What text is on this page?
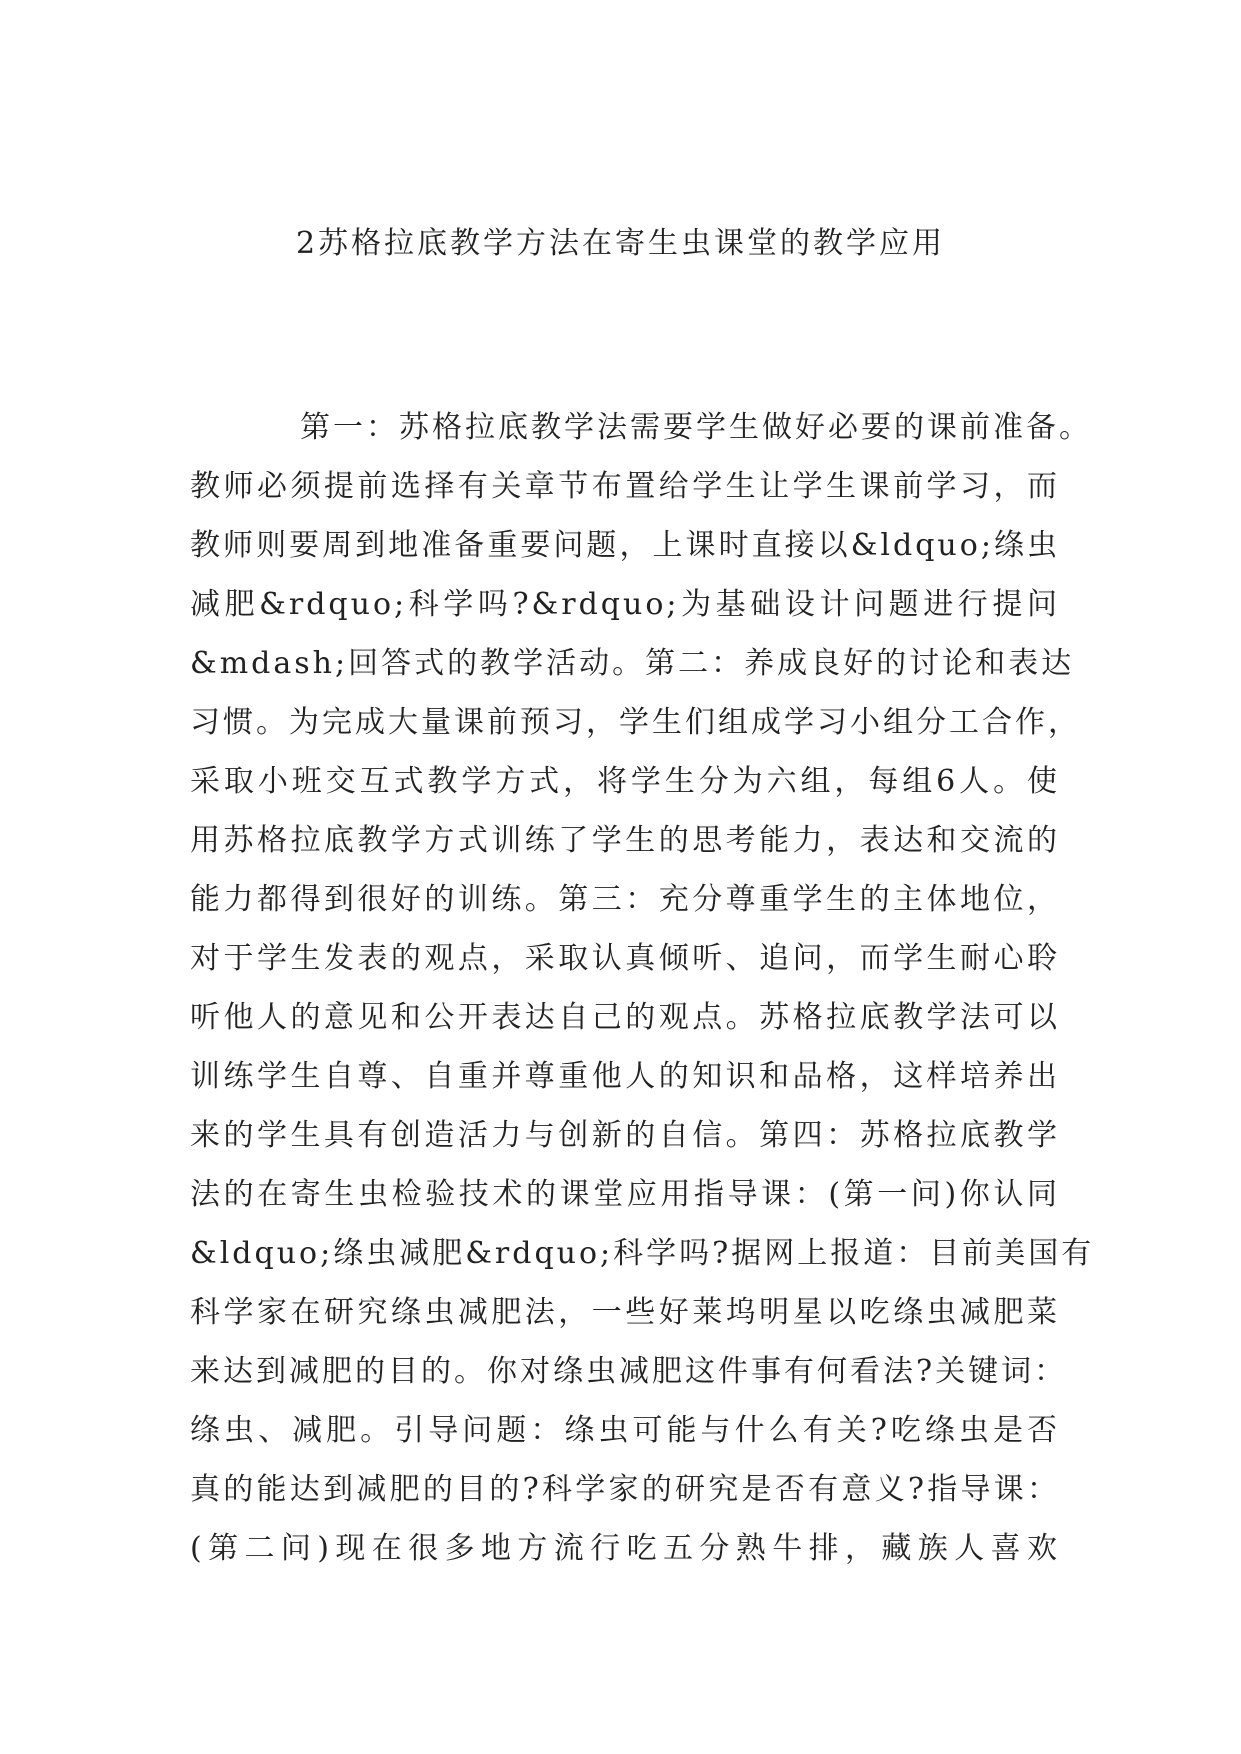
2苏格拉底教学方法在寄生虫课堂的教学应用
第一：苏格拉底教学法需要学生做好必要的课前准备。
教师必须提前选择有关章节布置给学生让学生课前学习，而
教师则要周到地准备重要问题，上课时直接以&ldquo;绦虫
减肥&rdquo;科学吗?&rdquo;为基础设计问题进行提问
&mdash;回答式的教学活动。第二：养成良好的讨论和表达
习惯。为完成大量课前预习，学生们组成学习小组分工合作，
采取小班交互式教学方式，将学生分为六组，每组6人。使
用苏格拉底教学方式训练了学生的思考能力，表达和交流的
能力都得到很好的训练。第三：充分尊重学生的主体地位，
对于学生发表的观点，采取认真倾听、追问，而学生耐心聆
听他人的意见和公开表达自己的观点。苏格拉底教学法可以
训练学生自尊、自重并尊重他人的知识和品格，这样培养出
来的学生具有创造活力与创新的自信。第四：苏格拉底教学
法的在寄生虫检验技术的课堂应用指导课：(第一问)你认同
&ldquo;绦虫减肥&rdquo;科学吗?据网上报道：目前美国有
科学家在研究绦虫减肥法，一些好莱坞明星以吃绦虫减肥菜
来达到减肥的目的。你对绦虫减肥这件事有何看法?关键词：
绦虫、减肥。引导问题：绦虫可能与什么有关?吃绦虫是否
真的能达到减肥的目的?科学家的研究是否有意义?指导课：
(第二问)现在很多地方流行吃五分熟牛排，藏族人喜欢
